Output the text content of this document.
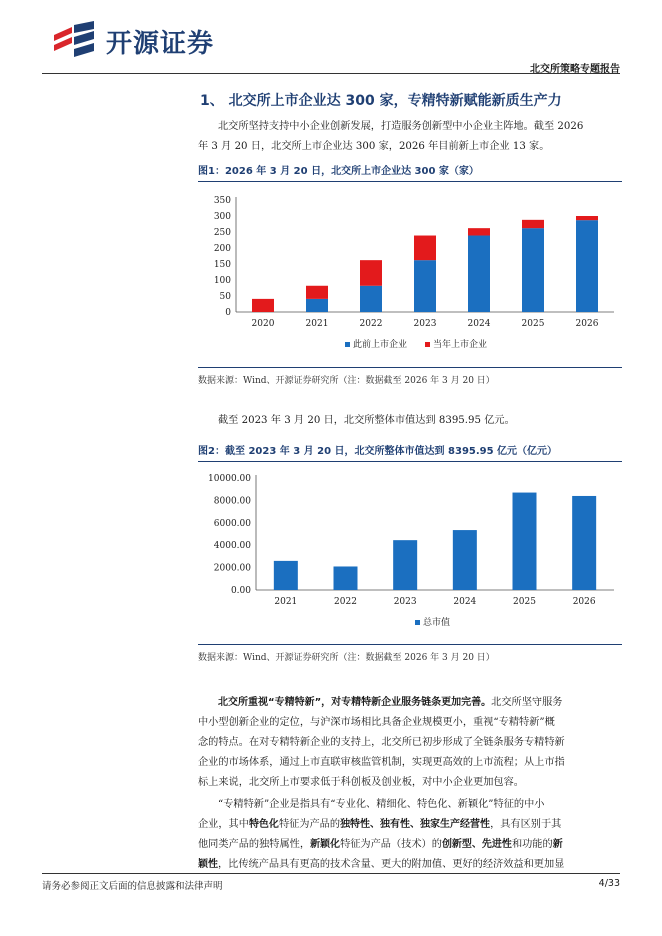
开源证券
北交所策略专题报告
1、 北交所上市企业达 300 家，专精特新赋能新质生产力
北交所坚持支持中小企业创新发展，打造服务创新型中小企业主阵地。截至 2026
年 3 月 20 日，北交所上市企业达 300 家，2026 年目前新上市企业 13 家。
图1：2026 年 3 月 20 日，北交所上市企业达 300 家（家）
0
50
100
150
200
250
300
350
2020	2021	2022	2023	2024	2025	2026
此前上市企业	当年上市企业
数据来源：Wind、开源证券研究所（注：数据截至 2026 年 3 月 20 日）
截至 2023 年 3 月 20 日，北交所整体市值达到 8395.95 亿元。
图2：截至 2023 年 3 月 20 日，北交所整体市值达到 8395.95 亿元（亿元）
0.00
2000.00
4000.00
6000.00
8000.00
10000.00
2021	2022	2023	2024	2025	2026
总市值
数据来源：Wind、开源证券研究所（注：数据截至 2026 年 3 月 20 日）
北交所重视“专精特新”，对专精特新企业服务链条更加完善。北交所坚守服务
中小型创新企业的定位，与沪深市场相比具备企业规模更小，重视“专精特新”概
念的特点。在对专精特新企业的支持上，北交所已初步形成了全链条服务专精特新
企业的市场体系，通过上市直联审核监管机制，实现更高效的上市流程；从上市指
标上来说，北交所上市要求低于科创板及创业板，对中小企业更加包容。
“专精特新”企业是指具有“专业化、精细化、特色化、新颖化”特征的中小
企业，其中特色化特征为产品的独特性、独有性、独家生产经营性，具有区别于其
他同类产品的独特属性，新颖化特征为产品（技术）的创新型、先进性和功能的新
颖性，比传统产品具有更高的技术含量、更大的附加值、更好的经济效益和更加显
请务必参阅正文后面的信息披露和法律声明	4/33
